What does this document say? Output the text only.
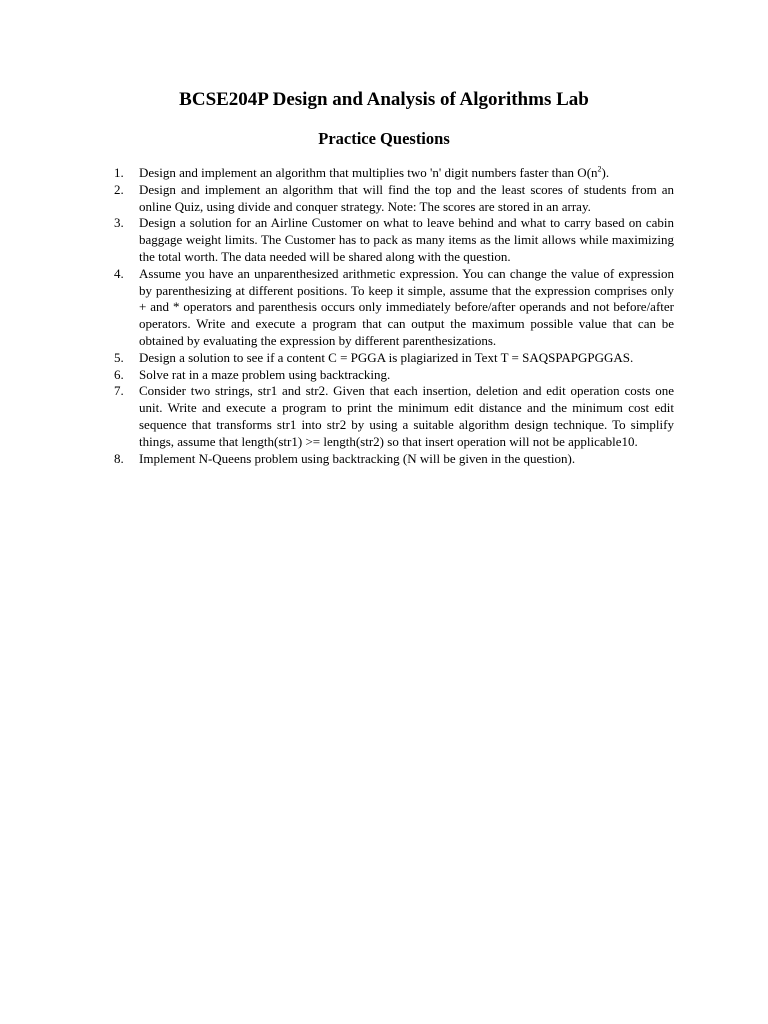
BCSE204P Design and Analysis of Algorithms Lab
Practice Questions
1.	Design and implement an algorithm that multiplies two 'n' digit numbers faster than $O(n^2)$.
2.	Design and implement an algorithm that will find the top and the least scores of students from an online Quiz, using divide and conquer strategy. Note: The scores are stored in an array.
3.	Design a solution for an Airline Customer on what to leave behind and what to carry based on cabin baggage weight limits. The Customer has to pack as many items as the limit allows while maximizing the total worth. The data needed will be shared along with the question.
4.	Assume you have an unparenthesized arithmetic expression. You can change the value of expression by parenthesizing at different positions. To keep it simple, assume that the expression comprises only + and * operators and parenthesis occurs only immediately before/after operands and not before/after operators. Write and execute a program that can output the maximum possible value that can be obtained by evaluating the expression by different parenthesizations.
5.	Design a solution to see if a content C = PGGA is plagiarized in Text T = SAQSPAPGPGGAS.
6.	Solve rat in a maze problem using backtracking.
7.	Consider two strings, str1 and str2. Given that each insertion, deletion and edit operation costs one unit. Write and execute a program to print the minimum edit distance and the minimum cost edit sequence that transforms str1 into str2 by using a suitable algorithm design technique. To simplify things, assume that length(str1) >= length(str2) so that insert operation will not be applicable10.
8.	Implement N-Queens problem using backtracking (N will be given in the question).
